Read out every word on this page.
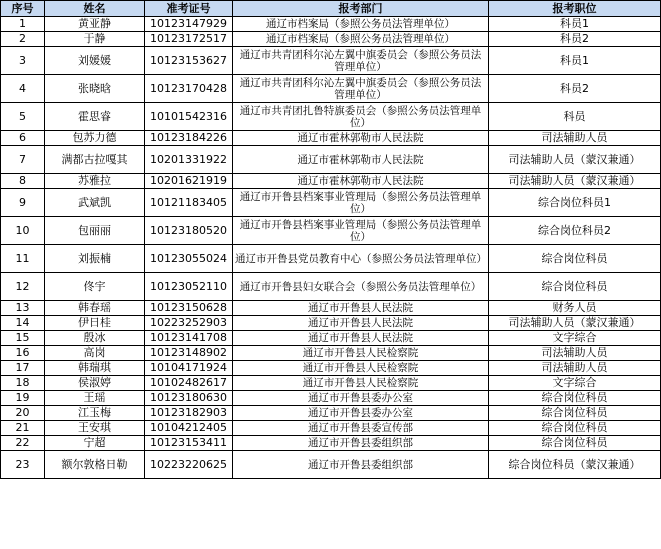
序号	姓名	准考证号	报考部门	报考职位
1	黄亚静	10123147929	通辽市档案局（参照公务员法管理单位）	科员1
2	于静	10123172517	通辽市档案局（参照公务员法管理单位）	科员2
3	刘媛媛	10123153627	通辽市共青团科尔沁左翼中旗委员会（参照公务员法管理单位）	科员1
4	张晓晗	10123170428	通辽市共青团科尔沁左翼中旗委员会（参照公务员法管理单位）	科员2
5	霍思睿	10101542316	通辽市共青团扎鲁特旗委员会（参照公务员法管理单位）	科员
6	包苏力德	10123184226	通辽市霍林郭勒市人民法院	司法辅助人员
7	满都古拉嘎其	10201331922	通辽市霍林郭勒市人民法院	司法辅助人员（蒙汉兼通）
8	苏雅拉	10201621919	通辽市霍林郭勒市人民法院	司法辅助人员（蒙汉兼通）
9	武斌凯	10121183405	通辽市开鲁县档案事业管理局（参照公务员法管理单位）	综合岗位科员1
10	包丽丽	10123180520	通辽市开鲁县档案事业管理局（参照公务员法管理单位）	综合岗位科员2
11	刘振楠	10123055024	通辽市开鲁县党员教育中心（参照公务员法管理单位）	综合岗位科员
12	佟宇	10123052110	通辽市开鲁县妇女联合会（参照公务员法管理单位）	综合岗位科员
13	韩春瑶	10123150628	通辽市开鲁县人民法院	财务人员
14	伊日桂	10223252903	通辽市开鲁县人民法院	司法辅助人员（蒙汉兼通）
15	殷冰	10123141708	通辽市开鲁县人民法院	文字综合
16	高岗	10123148902	通辽市开鲁县人民检察院	司法辅助人员
17	韩瑞琪	10104171924	通辽市开鲁县人民检察院	司法辅助人员
18	侯淑婷	10102482617	通辽市开鲁县人民检察院	文字综合
19	王瑶	10123180630	通辽市开鲁县委办公室	综合岗位科员
20	江玉梅	10123182903	通辽市开鲁县委办公室	综合岗位科员
21	王安琪	10104212405	通辽市开鲁县委宣传部	综合岗位科员
22	宁超	10123153411	通辽市开鲁县委组织部	综合岗位科员
23	额尔敦格日勒	10223220625	通辽市开鲁县委组织部	综合岗位科员（蒙汉兼通）
